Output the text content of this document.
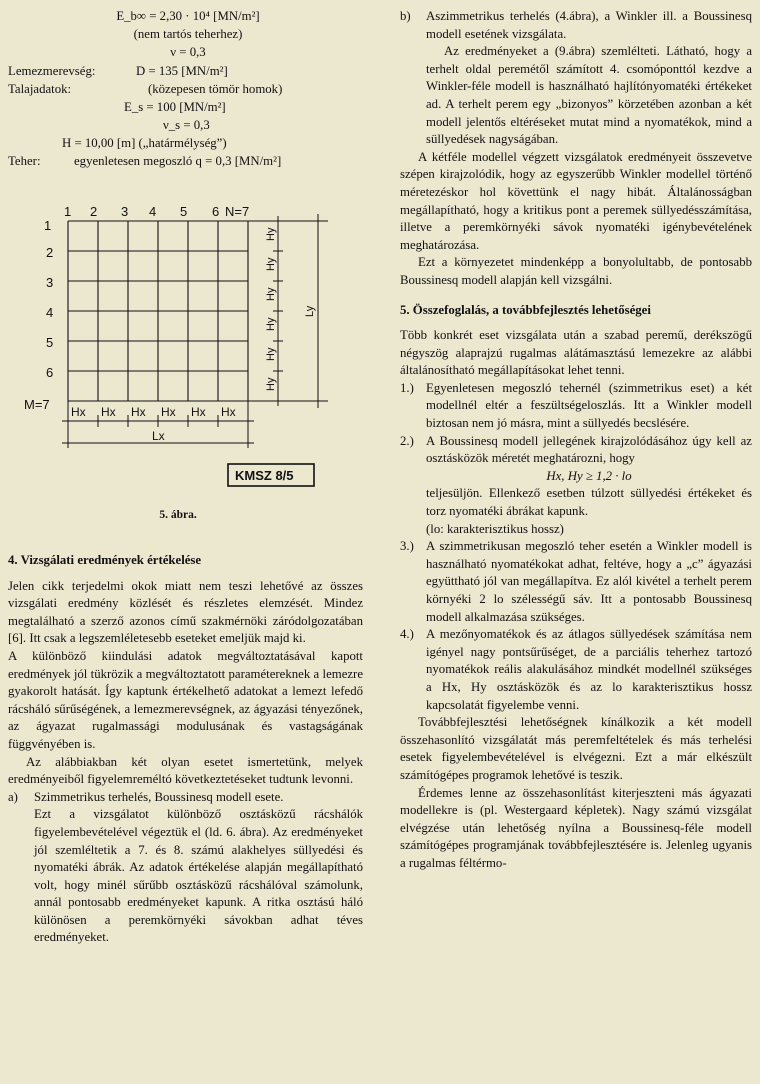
E_b∞ = 2,30 · 10⁴ [MN/m²]
(nem tartós teherhez)
ν = 0,3
Lemezmerevség:	D = 135 [MN/m²]
Talajadatok:	(közepesen tömör homok)
E_s = 100 [MN/m²]
ν_s = 0,3
H = 10,00 [m] („határmélység”)
Teher:	egyenletesen megoszló q = 0,3 [MN/m²]
4. Vizsgálati eredmények értékelése

Jelen cikk terjedelmi okok miatt nem teszi lehetővé az összes vizsgálati eredmény közlését és részletes elemzését. Mindez megtalálható a szerző azonos című szakmérnöki záródolgozatában [6]. Itt csak a legszemléletesebb eseteket emeljük majd ki.

A különböző kiindulási adatok megváltoztatásával kapott eredmények jól tükrözik a megváltoztatott paramétereknek a lemezre gyakorolt hatását. Így kaptunk értékelhető adatokat a lemezt lefedő rácsháló sűrűségének, a lemezmerevségnek, az ágyazási tényezőnek, az ágyazat rugalmassági modulusának és vastagságának függvényében is.

Az alábbiakban két olyan esetet ismertetünk, melyek eredményeiből figyelemreméltó következtetéseket tudtunk levonni.

a)	Szimmetrikus terhelés, Boussinesq modell esete.

Ezt a vizsgálatot különböző osztásközű rácshálók figyelembevételével végeztük el (ld. 6. ábra). Az eredményeket jól szemléltetik a 7. és 8. számú alakhelyes süllyedési és nyomatéki ábrák. Az adatok értékelése alapján megállapítható volt, hogy minél sűrűbb osztásközű rácshálóval számolunk, annál pontosabb eredményeket kapunk. A ritka osztású háló különösen a peremkörnyéki sávokban adhat téves eredményeket.

1 2 3 4 5 6 N=7
1
2
3
4
5
6
M=7
Hy
Hy
Hy
Hy
Hy
Hy
Ly
Hx Hx Hx Hx Hx Hx
Lx
KMSZ 8/5
5. ábra.
b)	Aszimmetrikus terhelés (4.ábra), a Winkler ill. a Boussinesq modell esetének vizsgálata.

Az eredményeket a (9.ábra) szemlélteti. Látható, hogy a terhelt oldal peremétől számított 4. csomóponttól kezdve a Winkler-féle modell is használható hajlítónyomatéki értékeket ad. A terhelt perem egy „bizonyos” körzetében azonban a két modell jelentős eltéréseket mutat mind a nyomatékok, mind a süllyedések nagyságában.

A kétféle modellel végzett vizsgálatok eredményeit összevetve szépen kirajzolódik, hogy az egyszerűbb Winkler modellel történő méretezéskor hol követtünk el nagy hibát. Általánosságban megállapítható, hogy a kritikus pont a peremek süllyedésszámítása, illetve a peremkörnyéki sávok nyomatéki igénybevételének meghatározása.

Ezt a környezetet mindenképp a bonyolultabb, de pontosabb Boussinesq modell alapján kell vizsgálni.

5. Összefoglalás, a továbbfejlesztés lehetőségei

Több konkrét eset vizsgálata után a szabad peremű, derékszögű négyszög alaprajzú rugalmas alátámasztású lemezekre az alábbi általánosítható megállapításokat lehet tenni.

1.) Egyenletesen megoszló tehernél (szimmetrikus eset) a két modellnél eltér a feszültségeloszlás. Itt a Winkler modell biztosan nem jó másra, mint a süllyedés becslésére.

2.) A Boussinesq modell jellegének kirajzolódásához úgy kell az osztásközök méretét meghatározni, hogy

Hx, Hy ≥ 1,2 · lo

teljesüljön. Ellenkező esetben túlzott süllyedési értékeket és torz nyomatéki ábrákat kapunk.

(lo: karakterisztikus hossz)

3.) A szimmetrikusan megoszló teher esetén a Winkler modell is használható nyomatékokat adhat, feltéve, hogy a „c” ágyazási együttható jól van megállapítva. Ez alól kivétel a terhelt perem környéki 2 lo szélességű sáv. Itt a pontosabb Boussinesq modell alkalmazása szükséges.

4.) A mezőnyomatékok és az átlagos süllyedések számítása nem igényel nagy pontsűrűséget, de a parciális teherhez tartozó nyomatékok reális alakulásához mindkét modellnél szükséges a Hx, Hy osztásközök és az lo karakterisztikus hossz kapcsolatát figyelembe venni.

Továbbfejlesztési lehetőségnek kínálkozik a két modell összehasonlító vizsgálatát más peremfeltételek és más terhelési esetek figyelembevételével is elvégezni. Ezt a már elkészült számítógépes programok lehetővé is teszik.

Érdemes lenne az összehasonlítást kiterjeszteni más ágyazati modellekre is (pl. Westergaard képletek). Nagy számú vizsgálat elvégzése után lehetőség nyílna a Boussinesq-féle modell számítógépes programjának továbbfejlesztésére is. Jelenleg ugyanis a rugalmas féltérmo-
